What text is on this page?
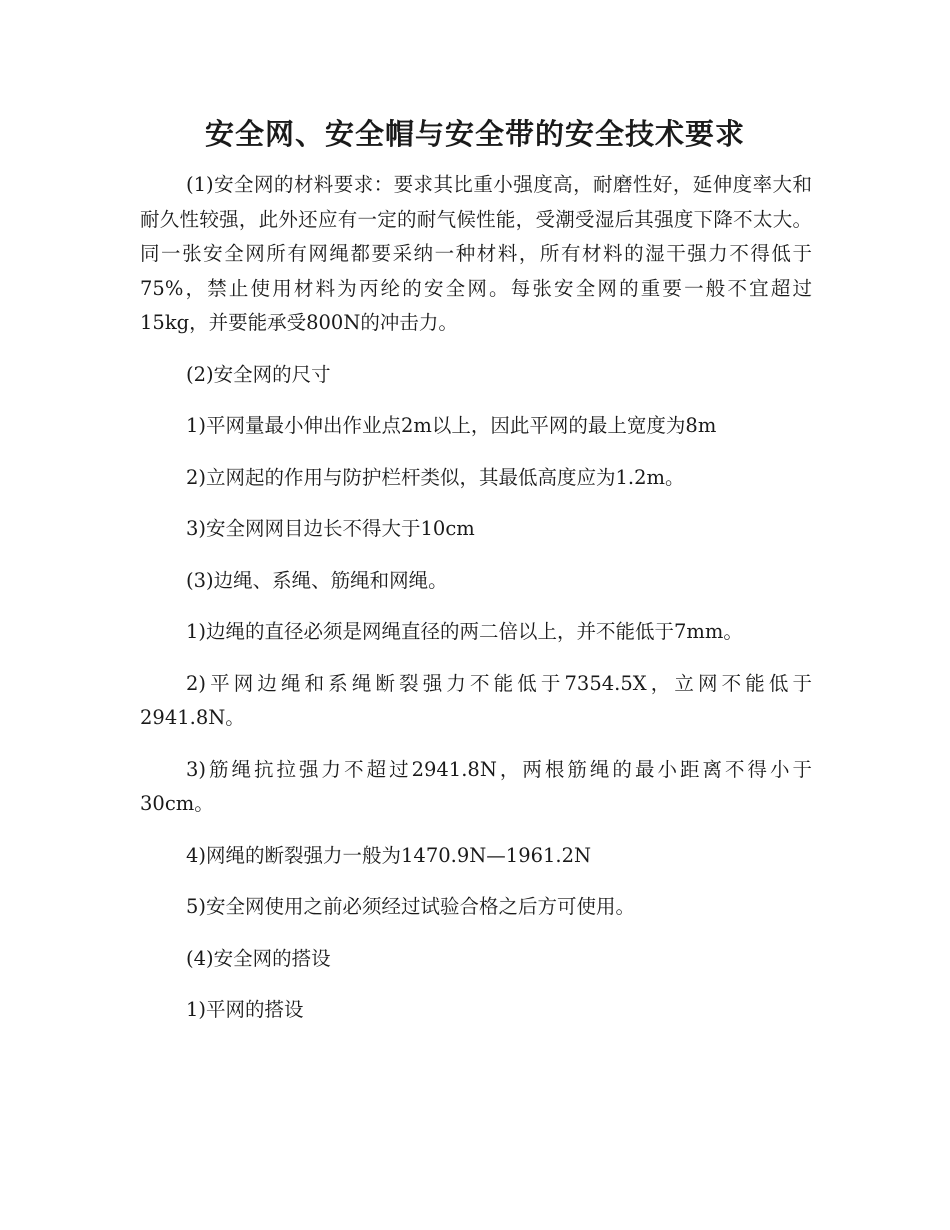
安全网、安全帽与安全带的安全技术要求

(1)安全网的材料要求：要求其比重小强度高，耐磨性好，延伸度率大和耐久性较强，此外还应有一定的耐气候性能，受潮受湿后其强度下降不太大。同一张安全网所有网绳都要采纳一种材料，所有材料的湿干强力不得低于75%，禁止使用材料为丙纶的安全网。每张安全网的重要一般不宜超过15kg，并要能承受800N的冲击力。

(2)安全网的尺寸

1)平网量最小伸出作业点2m以上，因此平网的最上宽度为8m

2)立网起的作用与防护栏杆类似，其最低高度应为1.2m。

3)安全网网目边长不得大于10cm

(3)边绳、系绳、筋绳和网绳。

1)边绳的直径必须是网绳直径的两二倍以上，并不能低于7mm。

2)平网边绳和系绳断裂强力不能低于7354.5X，立网不能低于2941.8N。

3)筋绳抗拉强力不超过2941.8N，两根筋绳的最小距离不得小于30cm。

4)网绳的断裂强力一般为1470.9N—1961.2N

5)安全网使用之前必须经过试验合格之后方可使用。

(4)安全网的搭设

1)平网的搭设
